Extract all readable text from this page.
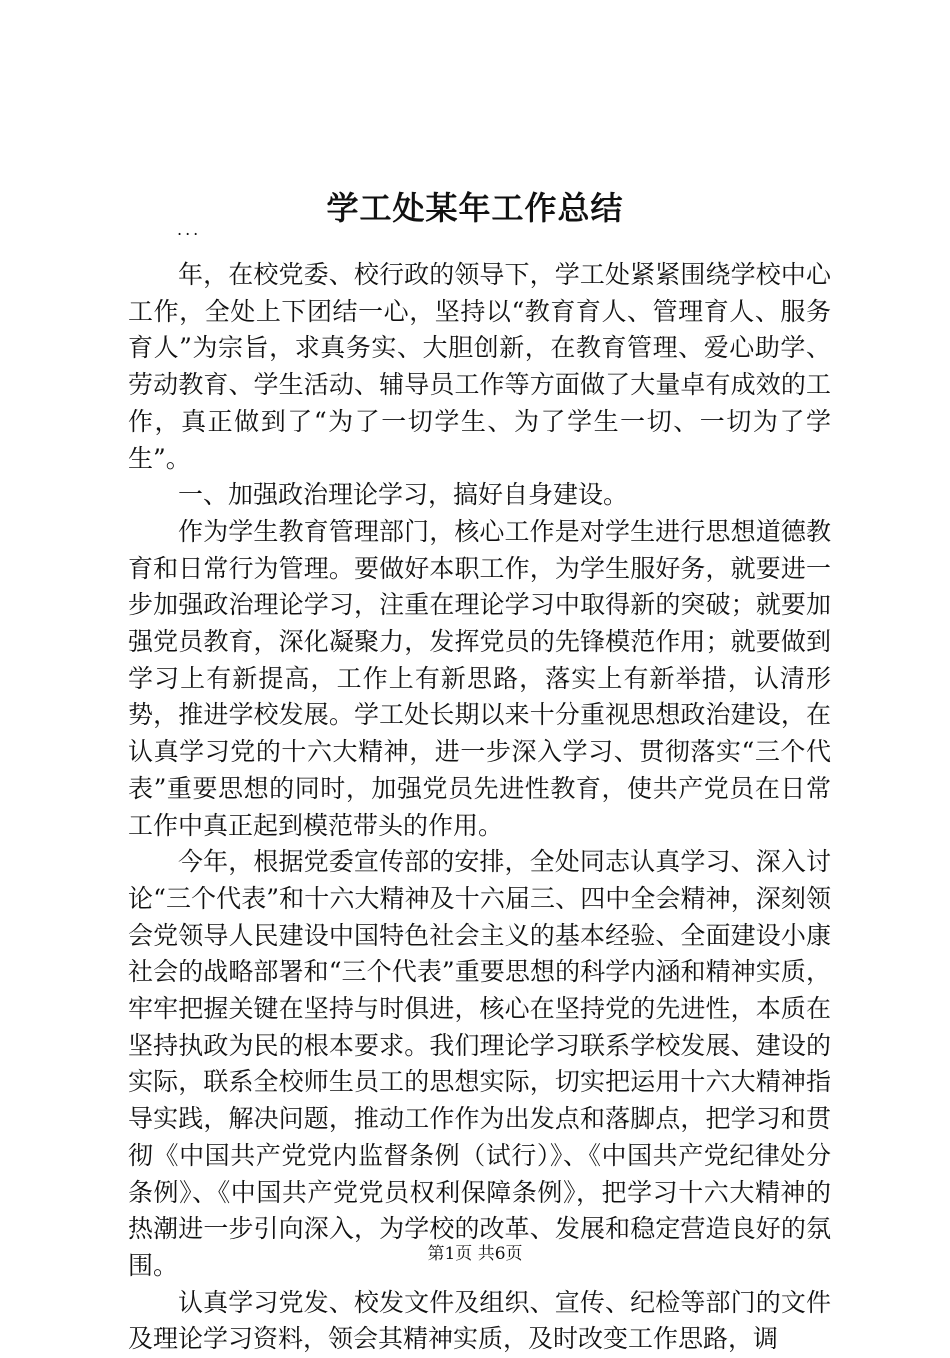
学工处某年工作总结
...

年，在校党委、校行政的领导下，学工处紧紧围绕学校中心工作，全处上下团结一心，坚持以“教育育人、管理育人、服务育人”为宗旨，求真务实、大胆创新，在教育管理、爱心助学、劳动教育、学生活动、辅导员工作等方面做了大量卓有成效的工作，真正做到了“为了一切学生、为了学生一切、一切为了学生”。

一、加强政治理论学习，搞好自身建设。

作为学生教育管理部门，核心工作是对学生进行思想道德教育和日常行为管理。要做好本职工作，为学生服好务，就要进一步加强政治理论学习，注重在理论学习中取得新的突破；就要加强党员教育，深化凝聚力，发挥党员的先锋模范作用；就要做到学习上有新提高，工作上有新思路，落实上有新举措，认清形势，推进学校发展。学工处长期以来十分重视思想政治建设，在认真学习党的十六大精神，进一步深入学习、贯彻落实“三个代表”重要思想的同时，加强党员先进性教育，使共产党员在日常工作中真正起到模范带头的作用。

今年，根据党委宣传部的安排，全处同志认真学习、深入讨论“三个代表”和十六大精神及十六届三、四中全会精神，深刻领会党领导人民建设中国特色社会主义的基本经验、全面建设小康社会的战略部署和“三个代表”重要思想的科学内涵和精神实质，牢牢把握关键在坚持与时俱进，核心在坚持党的先进性，本质在坚持执政为民的根本要求。我们理论学习联系学校发展、建设的实际，联系全校师生员工的思想实际，切实把运用十六大精神指导实践，解决问题，推动工作作为出发点和落脚点，把学习和贯彻《中国共产党党内监督条例（试行）》、《中国共产党纪律处分条例》、《中国共产党党员权利保障条例》，把学习十六大精神的热潮进一步引向深入，为学校的改革、发展和稳定营造良好的氛围。

认真学习党发、校发文件及组织、宣传、纪检等部门的文件及理论学习资料，领会其精神实质，及时改变工作思路，调

第1页 共6页
